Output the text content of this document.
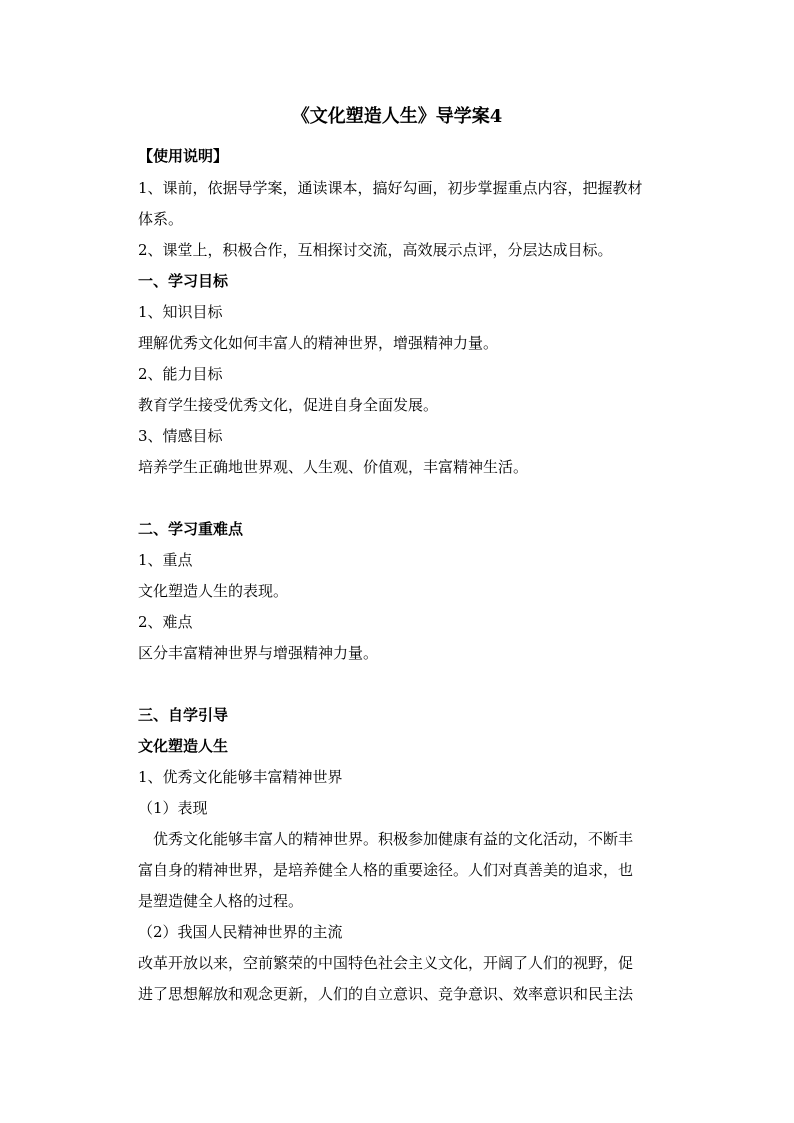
《文化塑造人生》导学案4
【使用说明】
1、课前，依据导学案，通读课本，搞好勾画，初步掌握重点内容，把握教材
体系。
2、课堂上，积极合作，互相探讨交流，高效展示点评，分层达成目标。
一、学习目标
1、知识目标
理解优秀文化如何丰富人的精神世界，增强精神力量。
2、能力目标
教育学生接受优秀文化，促进自身全面发展。
3、情感目标
培养学生正确地世界观、人生观、价值观，丰富精神生活。
二、学习重难点
1、重点
文化塑造人生的表现。
2、难点
区分丰富精神世界与增强精神力量。
三、自学引导
文化塑造人生
1、优秀文化能够丰富精神世界
（1）表现
优秀文化能够丰富人的精神世界。积极参加健康有益的文化活动，不断丰
富自身的精神世界，是培养健全人格的重要途径。人们对真善美的追求，也
是塑造健全人格的过程。
（2）我国人民精神世界的主流
改革开放以来，空前繁荣的中国特色社会主义文化，开阔了人们的视野，促
进了思想解放和观念更新，人们的自立意识、竞争意识、效率意识和民主法
